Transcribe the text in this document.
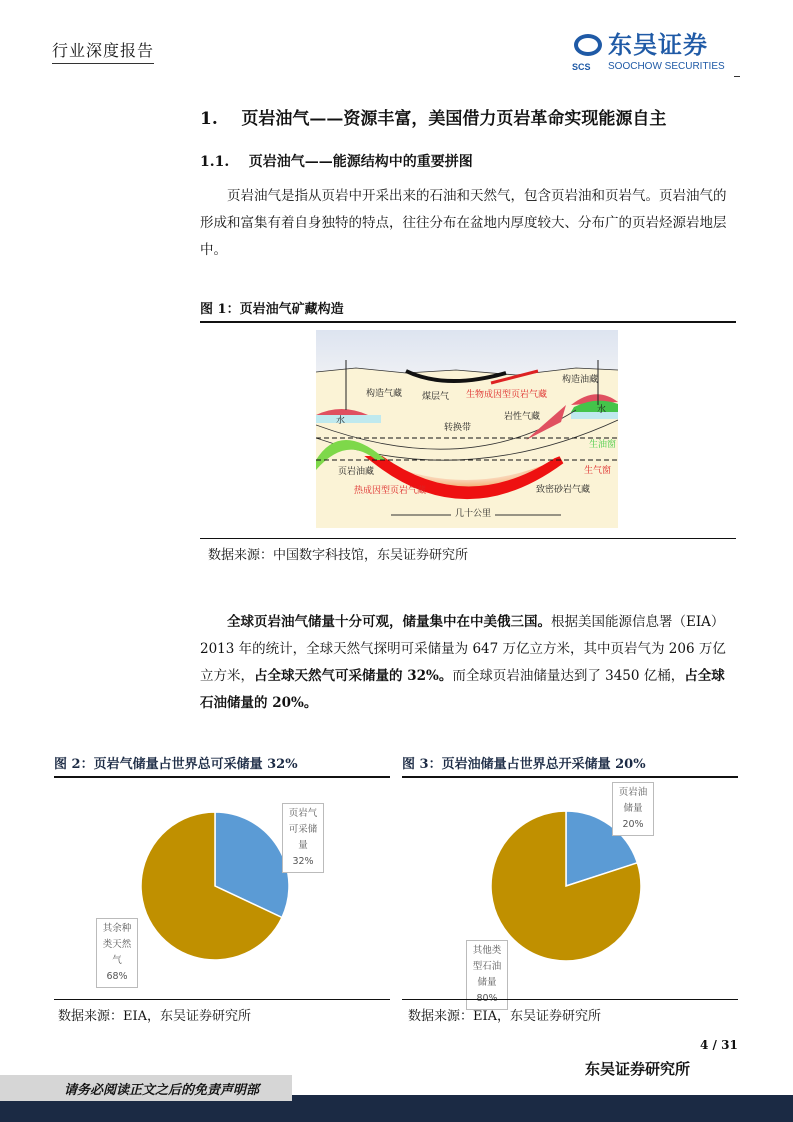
行业深度报告
SCS
东吴证券
SOOCHOW SECURITIES
1.    页岩油气——资源丰富，美国借力页岩革命实现能源自主
1.1.    页岩油气——能源结构中的重要拼图
页岩油气是指从页岩中开采出来的石油和天然气，包含页岩油和页岩气。页岩油气的形成和富集有着自身独特的特点，往往分布在盆地内厚度较大、分布广的页岩烃源岩地层中。
图 1：页岩油气矿藏构造
构造气藏 煤层气 生物成因型页岩气藏
构造油藏
水
水
岩性气藏
转换带
生油窗
页岩油藏	生气窗
热成因型页岩气藏	致密砂岩气藏
几十公里
数据来源：中国数字科技馆，东吴证券研究所
全球页岩油气储量十分可观，储量集中在中美俄三国。根据美国能源信息署（EIA）2013 年的统计，全球天然气探明可采储量为 647 万亿立方米，其中页岩气为 206 万亿立方米，占全球天然气可采储量的 32%。而全球页岩油储量达到了 3450 亿桶，占全球石油储量的 20%。
图 2：页岩气储量占世界总可采储量 32%	图 3：页岩油储量占世界总开采储量 20%
页岩气可采储量
32%
其余种类天然气
68%
页岩油储量
20%
其他类型石油储量
80%
数据来源：EIA，东吴证券研究所	数据来源：EIA，东吴证券研究所
4 / 31
东吴证券研究所
请务必阅读正文之后的免责声明部
